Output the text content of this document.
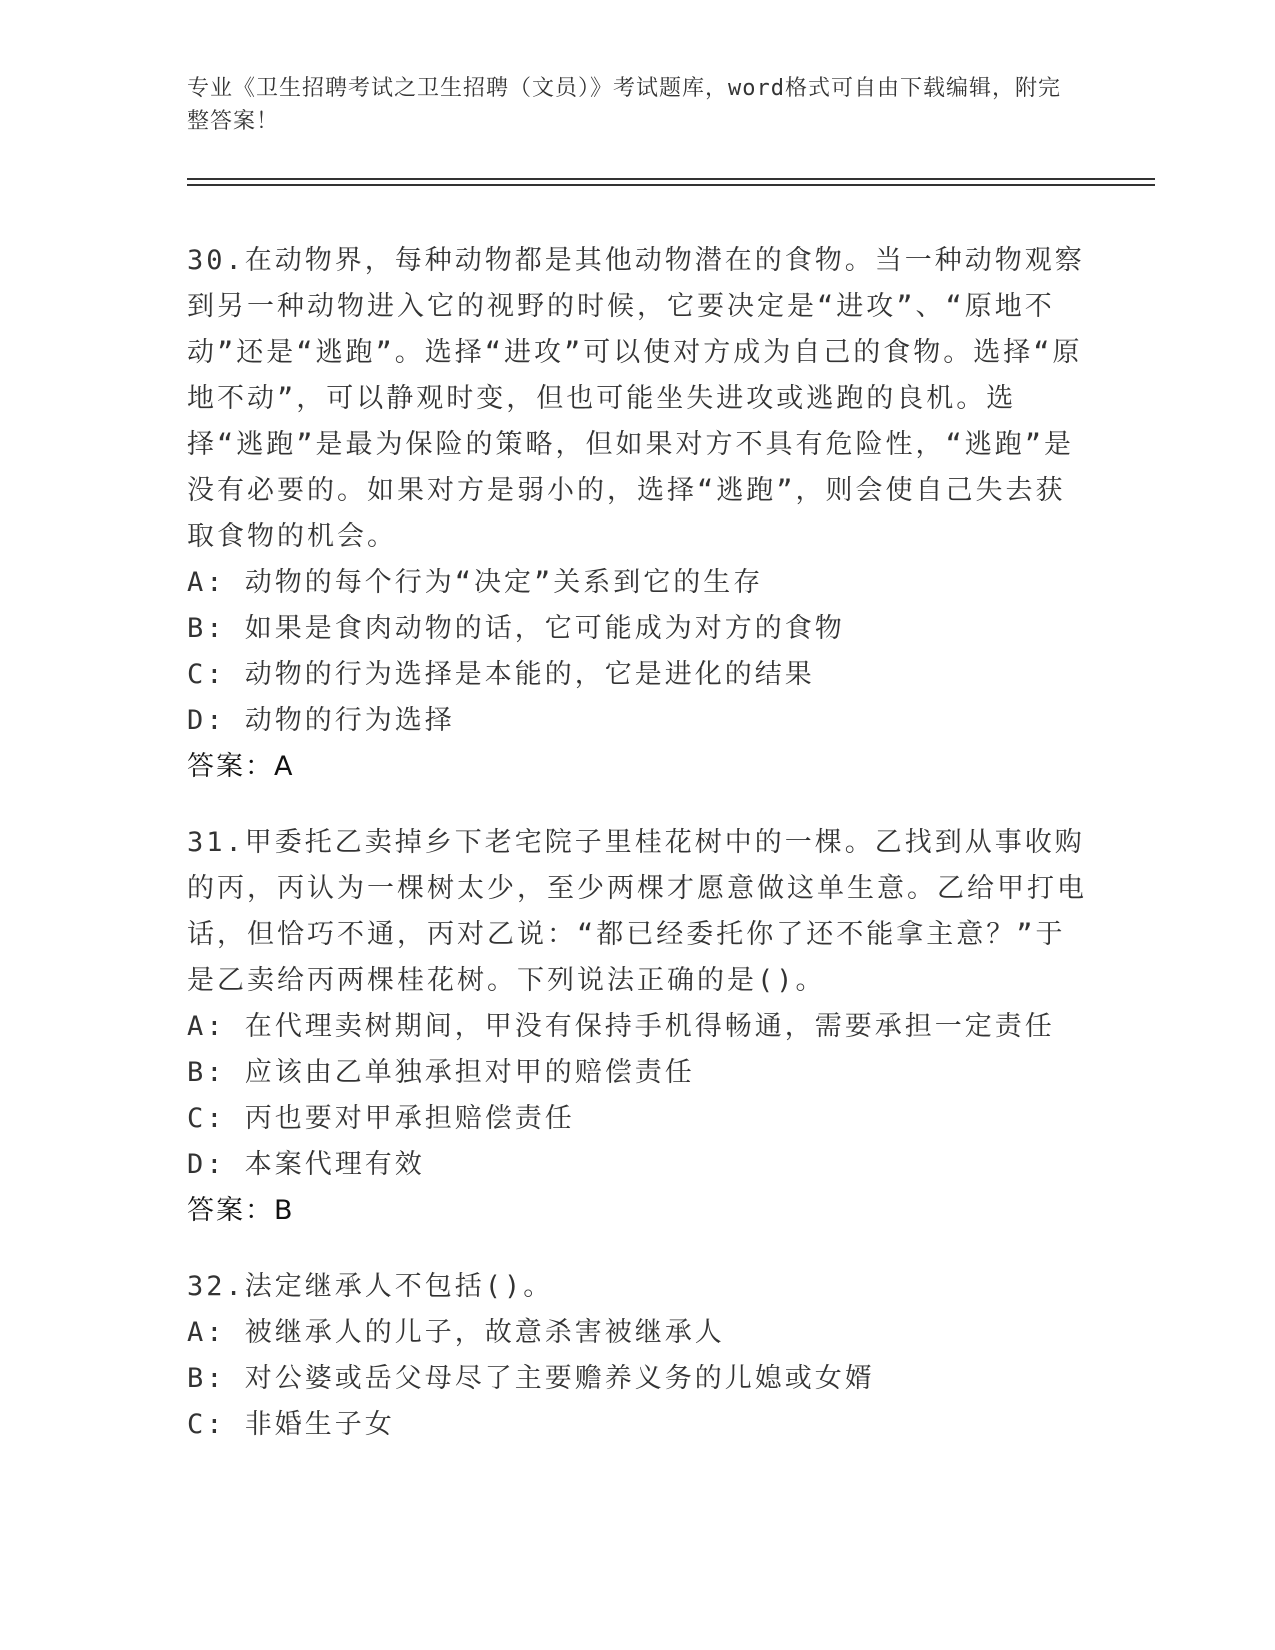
专业《卫生招聘考试之卫生招聘（文员）》考试题库，word格式可自由下载编辑，附完整答案！

30.在动物界，每种动物都是其他动物潜在的食物。当一种动物观察到另一种动物进入它的视野的时候，它要决定是“进攻”、“原地不动”还是“逃跑”。选择“进攻”可以使对方成为自己的食物。选择“原地不动”，可以静观时变，但也可能坐失进攻或逃跑的良机。选择“逃跑”是最为保险的策略，但如果对方不具有危险性，“逃跑”是没有必要的。如果对方是弱小的，选择“逃跑”，则会使自己失去获取食物的机会。

A: 动物的每个行为“决定”关系到它的生存

B: 如果是食肉动物的话，它可能成为对方的食物

C: 动物的行为选择是本能的，它是进化的结果

D: 动物的行为选择

答案：A

31.甲委托乙卖掉乡下老宅院子里桂花树中的一棵。乙找到从事收购的丙，丙认为一棵树太少，至少两棵才愿意做这单生意。乙给甲打电话，但恰巧不通，丙对乙说：“都已经委托你了还不能拿主意？”于是乙卖给丙两棵桂花树。下列说法正确的是()。

A: 在代理卖树期间，甲没有保持手机得畅通，需要承担一定责任

B: 应该由乙单独承担对甲的赔偿责任

C: 丙也要对甲承担赔偿责任

D: 本案代理有效

答案：B

32.法定继承人不包括()。

A: 被继承人的儿子，故意杀害被继承人

B: 对公婆或岳父母尽了主要赡养义务的儿媳或女婿

C: 非婚生子女
